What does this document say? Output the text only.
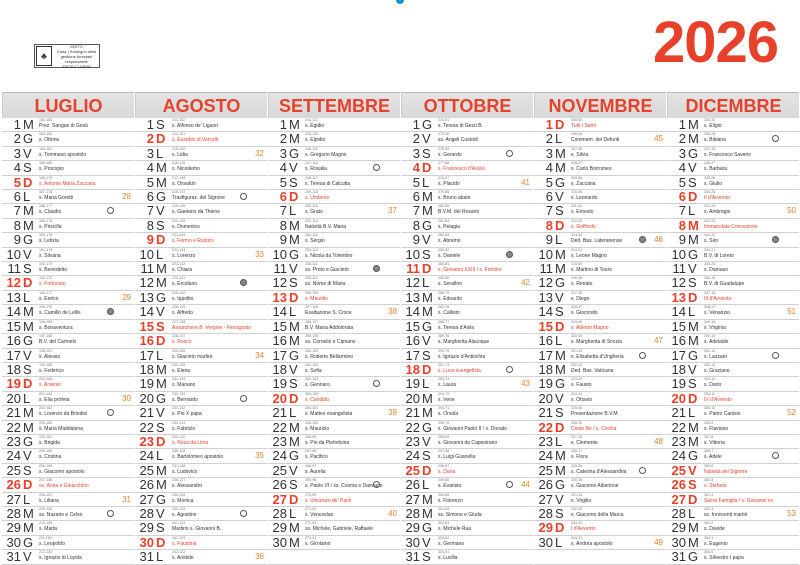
♣
MISTO
Carta | Sostegno della gestione forestale responsabile
FSC® C143838	2026
LUGLIO
1 M 182-183
Prez. Sangue di Gesù
2 G 183-182
s. Ottone
3 V 184-181
s. Tommaso apostolo
4 S 185-180
s. Procopio
5 D 186-179
s. Antonio Maria Zaccaria
6 L 187-178
s. Maria Goretti	28
7 M 188-177
s. Claudio
8 M 189-176
s. Priscilla
9 G 190-175
s. Letizia
10 V 191-174
s. Silvana
11 S 192-173
s. Benedetto
12 D 193-172
s. Fortunato
13 L 194-171
s. Enrico	29
14 M 195-170
s. Camillo de Lellis
15 M 196-169
s. Bonaventura
16 G 197-168
B.V. del Carmelo
17 V 198-167
s. Alessio
18 S 199-166
s. Federico
19 D 200-165
s. Arsenio
20 L 201-164
s. Elia profeta	30
21 M 202-163
s. Lorenzo da Brindisi
22 M 203-162
s. Maria Maddalena
23 G 204-161
s. Brigida
24 V 205-160
s. Cristina
25 S 206-159
s. Giacomo apostolo
26 D 207-158
ss. Anna e Gioacchino
27 L 208-157
s. Liliana	31
28 M 209-156
ss. Nazario e Celso
29 M 210-155
s. Marta
30 G 211-154
s. Leopoldo
31 V 212-153
s. Ignazio di Loyola
AGOSTO
1 S 213-152
s. Alfonso de' Liguori
2 D 214-151
s. Eusebio di Vercelli
3 L 215-150
s. Lidia	32
4 M 216-149
s. Nicodemo
5 M 217-148
s. Osvaldo
6 G 218-147
Trasfiguraz. del Signore
7 V 219-146
s. Gaetano da Thiene
8 S 220-145
s. Domenico
9 D 221-144
s. Fermo e Rustico
10 L 222-143
s. Lorenzo	33
11 M 223-142
s. Chiara
12 M 224-141
s. Ercolano
13 G 225-140
s. Ippolito
14 V 226-139
s. Alfredo
15 S 227-138
Assunzione B. Vergine - Ferragosto
16 D 228-137
s. Rocco
17 L 229-136
s. Giacinto martire	34
18 M 230-135
s. Elena
19 M 231-134
s. Mariano
20 G 232-133
s. Bernardo
21 V 233-132
s. Pio X papa
22 S 234-131
s. Fabrizio
23 D 235-130
s. Rosa da Lima
24 L 236-129
s. Bartolomeo apostolo	35
25 M 237-128
s. Ludovico
26 M 238-127
s. Alessandro
27 G 239-126
s. Monica
28 V 240-125
s. Agostino
29 S 241-124
Martirio s. Giovanni B.
30 D 242-123
s. Faustina
31 L 243-122
s. Aristide	36
SETTEMBRE
1 M 244-121
s. Egidio
2 M 245-120
s. Elpidio
3 G 246-119
s. Gregorio Magno
4 V 247-118
s. Rosalia
5 S 248-117
s. Teresa di Calcutta
6 D 249-116
s. Umberto
7 L 250-115
s. Grato	37
8 M 251-114
Natività B.V. Maria
9 M 252-113
s. Sergio
10 G 253-112
s. Nicola da Tolentino
11 V 254-111
ss. Proto e Giacinto
12 S 255-110
ss. Nome di Maria
13 D 256-109
s. Maurilio
14 L 257-108
Esaltazione S. Croce	38
15 M 258-107
B.V. Maria Addolorata
16 M 259-106
ss. Cornelio e Cipriano
17 G 260-105
s. Roberto Bellarmino
18 V 261-104
s. Sofia
19 S 262-103
s. Gennaro
20 D 263-102
s. Candida
21 L 264-101
s. Matteo evangelista	39
22 M 265-100
s. Maurizio
23 M 266-99
s. Pio da Pietrelcina
24 G 267-98
s. Pacifico
25 V 268-97
s. Aurelia
26 S 269-96
s. Paolo VI / ss. Cosma e Damiano
27 D 270-95
s. Vincenzo de' Paoli
28 L 271-94
s. Venceslao	40
29 M 272-93
ss. Michele, Gabriele, Raffaele
30 M 273-92
s. Girolamo
OTTOBRE
1 G 274-91
s. Teresa di Gesù B.
2 V 275-90
ss. Angeli Custodi
3 S 276-89
s. Gerardo
4 D 277-88
s. Francesco d'Assisi
5 L 278-87
s. Placido	41
6 M 279-86
s. Bruno abate
7 M 280-85
B.V.M. del Rosario
8 G 281-84
s. Pelagia
9 V 282-83
s. Abramo
10 S 283-82
s. Daniele
11 D 284-81
s. Giovanni XXIII / s. Firmino
12 L 285-80
s. Serafino	42
13 M 286-79
s. Edoardo
14 M 287-78
s. Callisto
15 G 288-77
s. Teresa d'Avila
16 V 289-76
s. Margherita Alacoque
17 S 290-75
s. Ignazio d'Antiochia
18 D 291-74
s. Luca evangelista
19 L 292-73
s. Laura	43
20 M 293-72
s. Irene
21 M 294-71
s. Orsola
22 G 295-70
s. Giovanni Paolo II / s. Donato
23 V 296-69
s. Giovanni da Capestrano
24 S 297-68
s. Luigi Guanella
25 D 298-67
s. Daria
26 L 299-66
s. Evaristo	44
27 M 300-65
s. Fiorenzo
28 M 301-64
ss. Simone e Giuda
29 G 302-63
s. Michele Rua
30 V 303-62
s. Germano
31 S 304-61
s. Lucilla
NOVEMBRE
1 D 305-60
Tutti i Santi
2 L 306-59
Commem. dei Defunti	45
3 M 307-58
s. Silvia
4 M 308-57
s. Carlo Borromeo
5 G 309-56
s. Zaccaria
6 V 310-55
s. Leonardo
7 S 311-54
s. Ernesto
8 D 312-53
s. Goffredo
9 L 313-52
Ded. Bas. Lateranense	46
10 M 314-51
s. Leone Magno
11 M 315-50
s. Martino di Tours
12 G 316-49
s. Renato
13 V 317-48
s. Diego
14 S 318-47
s. Giocondo
15 D 319-46
s. Alberto Magno
16 L 320-45
s. Margherita di Scozia	47
17 M 321-44
s. Elisabetta d'Ungheria
18 M 322-43
Ded. Bas. Vaticana
19 G 323-42
s. Fausto
20 V 324-41
s. Ottavio
21 S 325-40
Presentazione B.V.M.
22 D 326-39
Cristo Re / s. Cecilia
23 L 327-38
s. Clemente	48
24 M 328-37
s. Flora
25 M 329-36
s. Caterina d'Alessandria
26 G 330-35
s. Giacomo Alberione
27 V 331-34
s. Virgilio
28 S 332-33
s. Giacomo della Marca
29 D 333-32
I d'Avvento
30 L 334-31
s. Andrea apostolo	49
DICEMBRE
1 M 335-30
s. Eligio
2 M 336-29
s. Bibiana
3 G 337-28
s. Francesco Saverio
4 V 338-27
s. Barbara
5 S 339-26
s. Giulio
6 D 340-25
II d'Avvento
7 L 341-24
s. Ambrogio	50
8 M 342-23
Immacolata Concezione
9 M 343-22
s. Siro
10 G 344-21
B.V. di Loreto
11 V 345-20
s. Damaso
12 S 346-19
B.V. di Guadalupe
13 D 347-18
III d'Avvento
14 L 348-17
s. Venanzio	51
15 M 349-16
s. Virginia
16 M 350-15
s. Adelaide
17 G 351-14
s. Lazzaro
18 V 352-13
s. Graziano
19 S 353-12
s. Dario
20 D 354-11
IV d'Avvento
21 L 355-10
s. Pietro Canisio	52
22 M 356-9
s. Flaviano
23 M 357-8
s. Vittoria
24 G 358-7
s. Adele
25 V 359-6
Natività del Signore
26 S 360-5
s. Stefano
27 D 361-4
Sacra Famiglia / s. Giovanni ev.
28 L 362-3
ss. Innocenti martiri	53
29 M 363-2
s. Davide
30 M 364-1
s. Eugenio
31 G 365-0
s. Silvestro I papa
